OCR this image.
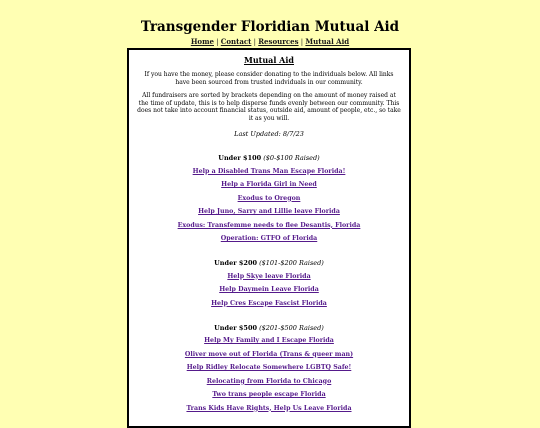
Transgender Floridian Mutual Aid
Home | Contact | Resources | Mutual Aid
Mutual Aid

If you have the money, please consider donating to the individuals below. All links have been sourced from trusted indviduals in our community.

All fundraisers are sorted by brackets depending on the amount of money raised at the time of update, this is to help disperse funds evenly between our community. This does not take into account financial status, outside aid, amount of people, etc., so take it as you will.

Last Updated: 8/7/23
Under $100 ($0-$100 Raised)
Help a Disabled Trans Man Escape Florida!
Help a Florida Girl in Need
Exodus to Oregon
Help Juno, Sarry and Lillie leave Florida
Exodus: Transfemme needs to flee Desantis, Florida
Operation: GTFO of Florida
Under $200 ($101-$200 Raised)
Help Skye leave Florida
Help Daymein Leave Florida
Help Cres Escape Fascist Florida
Under $500 ($201-$500 Raised)
Help My Family and I Escape Florida
Oliver move out of Florida (Trans & queer man)
Help Ridley Relocate Somewhere LGBTQ Safe!
Relocating from Florida to Chicago
Two trans people escape Florida
Trans Kids Have Rights, Help Us Leave Florida
